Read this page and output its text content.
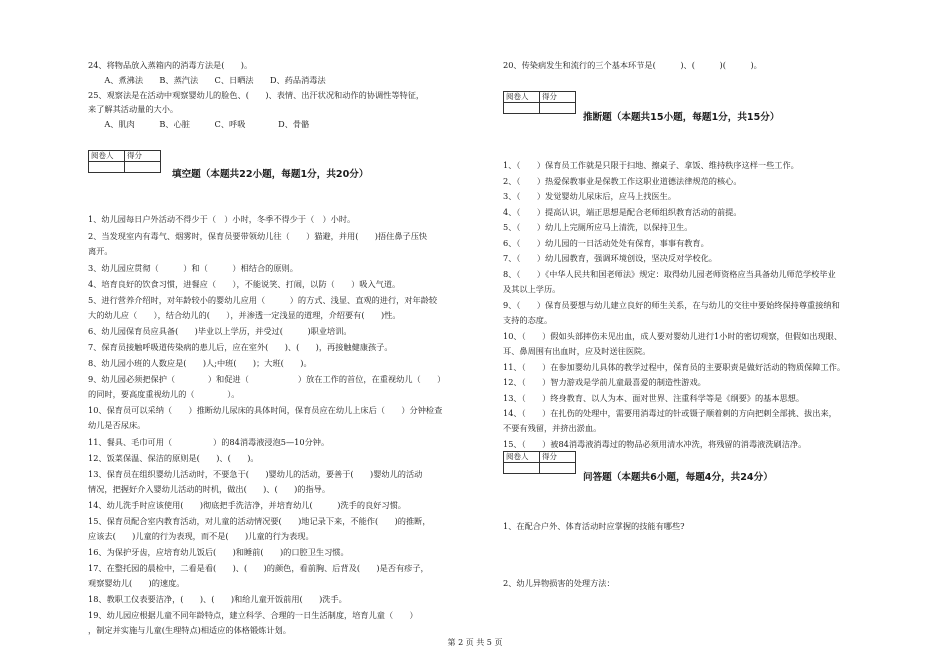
24、将物品放入蒸箱内的消毒方法是(　　)。
　　A、煮沸法　　B、蒸汽法　　C、日晒法　　D、药品消毒法
25、观察法是在活动中观察婴幼儿的脸色、(　　)、表情、出汗状况和动作的协调性等特征，
来了解其活动量的大小。
　　A、肌肉　　　B、心脏　　　C、呼吸　　　　D、骨骼
阅卷人	得分

填空题（本题共22小题，每题1分，共20分）
1、幼儿园每日户外活动不得少于（　）小时，冬季不得少于（　）小时。
2、当发现室内有毒气、烟雾时，保育员要带领幼儿往（　　）猫避，并用(　　)捂住鼻子压快
离开。
3、幼儿园应贯彻（　　　）和（　　　）相结合的原则。
4、培育良好的饮食习惯，进餐应（　　），不能说笑、打闹，以防（　　）吸入气道。
5、进行营养介绍时，对年龄较小的婴幼儿应用（　　　）的方式、浅显、直观的进行，对年龄较
大的幼儿应（　　），结合幼儿的(　　），并渗透一定浅显的道理，介绍要有(　　)性。
6、幼儿园保育员应具备(　　)毕业以上学历，并受过(　　　)职业培训。
7、保育员接触呼吸道传染病的患儿后，应在室外(　　)、(　　)，再接触健康孩子。
8、幼儿园小班的人数应是(　　)人;中班(　　)；大班(　　)。
9、幼儿园必须把保护（　　　　）和促进（　　　　　　）放在工作的首位，在重视幼儿（　　）
的同时，要高度重视幼儿的（　　　　）。
10、保育员可以采纳（　　）推断幼儿尿床的具体时间，保育员应在幼儿上床后（　　）分钟检查
幼儿是否尿床。
11、餐具、毛巾可用（　　　　　）的84消毒液浸泡5—10分钟。
12、饭菜保温、保洁的原则是(　　)、(　　)。
13、保育员在组织婴幼儿活动时，不要急于(　　)婴幼儿的活动，要善于(　　)婴幼儿的活动
情况，把握好介入婴幼儿活动的时机，做出(　　)、(　　)的指导。
14、幼儿洗手时应该使用(　　)彻底把手洗洁净，并培育幼儿(　　　)洗手的良好习惯。
15、保育员配合室内教育活动，对儿童的活动情况要(　　)地记录下来，不能作(　　)的推断，
应该去(　　)儿童的行为表现，而不是(　　)儿童的行为表现。
16、为保护牙齿，应培育幼儿饭后(　　)和睡前(　　)的口腔卫生习惯。
17、在整托园的晨检中，二看是看(　　)、(　　)的颜色，看前胸、后背及(　　)是否有疹子，
观察婴幼儿(　　)的速度。
18、教职工仪表要洁净，(　　)、(　　)和给儿童开饭前用(　　)洗手。
19、幼儿园应根据儿童不同年龄特点，建立科学、合理的一日生活制度，培育儿童（　　）
，制定并实施与儿童(生理特点)相适应的体格锻炼计划。
20、传染病发生和流行的三个基本环节是(　　　)、(　　　)(　　　)。
阅卷人	得分

推断题（本题共15小题，每题1分，共15分）
1、（　　）保育员工作就是只限于扫地、擦桌子、拿饭、维持秩序这样一些工作。
2、（　　）热爱保教事业是保教工作这职业道德法律规范的核心。
3、（　　）发觉婴幼儿尿床后，应马上找医生。
4、（　　）提高认识，端正思想是配合老师组织教育活动的前提。
5、（　　）幼儿上完厕所应马上清洗，以保持卫生。
6、（　　）幼儿园的一日活动处处有保育，事事有教育。
7、（　　）幼儿园教育，强调环境创设，坚决反对学校化。
8、（　　）《中华人民共和国老师法》规定：取得幼儿园老师资格应当具备幼儿师范学校毕业
及其以上学历。
9、（　　）保育员要想与幼儿建立良好的师生关系，在与幼儿的交往中要始终保持尊重接纳和
支持的态度。
10、（　　）假如头部摔伤未见出血，成人要对婴幼儿进行1小时的密切观察，但假如出现眼、
耳、鼻周围有出血时，应及时送往医院。
11、（　　）在参加婴幼儿具体的教学过程中，保育员的主要职责是做好活动的物质保障工作。
12、（　　）智力游戏是学前儿童最喜爱的制造性游戏。
13、（　　）终身教育、以人为本、面对世界、注重科学等是《纲要》的基本思想。
14、（　　）在扎伤的处理中，需要用消毒过的针或镊子顺着刺的方向把刺全部挑、拔出来，
不要有残留，并挤出淤血。
15、（　　）被84消毒液消毒过的物品必须用清水冲洗，将残留的消毒液洗刷洁净。
阅卷人	得分

问答题（本题共6小题，每题4分，共24分）
1、在配合户外、体育活动时应掌握的技能有哪些?
2、幼儿异物损害的处理方法：
第 2 页 共 5 页
